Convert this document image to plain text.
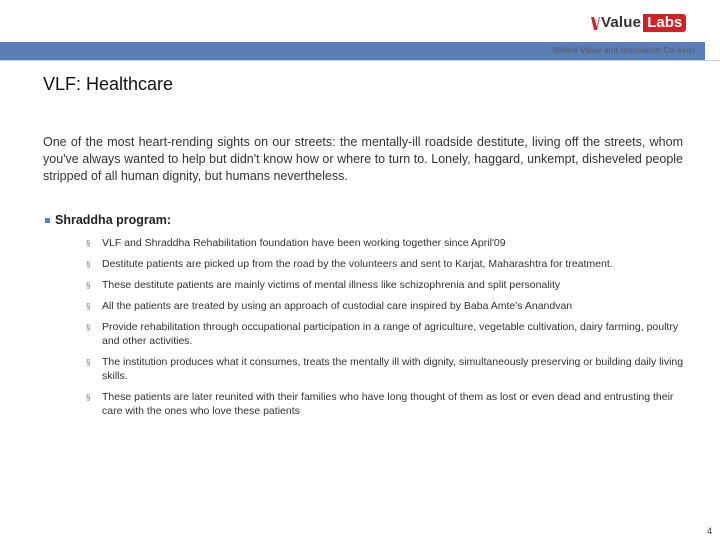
Value Labs
Where Value and Innovation Co-exist
VLF: Healthcare

One of the most heart-rending sights on our streets: the mentally-ill roadside destitute, living off the streets, whom you've always wanted to help but didn't know how or where to turn to. Lonely, haggard, unkempt, disheveled people stripped of all human dignity, but humans nevertheless.

Shraddha program:
§ VLF and Shraddha Rehabilitation foundation have been working together since April'09
§ Destitute patients are picked up from the road by the volunteers and sent to Karjat, Maharashtra for treatment.
§ These destitute patients are mainly victims of mental illness like schizophrenia and split personality
§ All the patients are treated by using an approach of custodial care inspired by Baba Amte's Anandvan
§ Provide rehabilitation through occupational participation in a range of agriculture, vegetable cultivation, dairy farming, poultry and other activities.
§ The institution produces what it consumes, treats the mentally ill with dignity, simultaneously preserving or building daily living skills.
§ These patients are later reunited with their families who have long thought of them as lost or even dead and entrusting their care with the ones who love these patients
4
